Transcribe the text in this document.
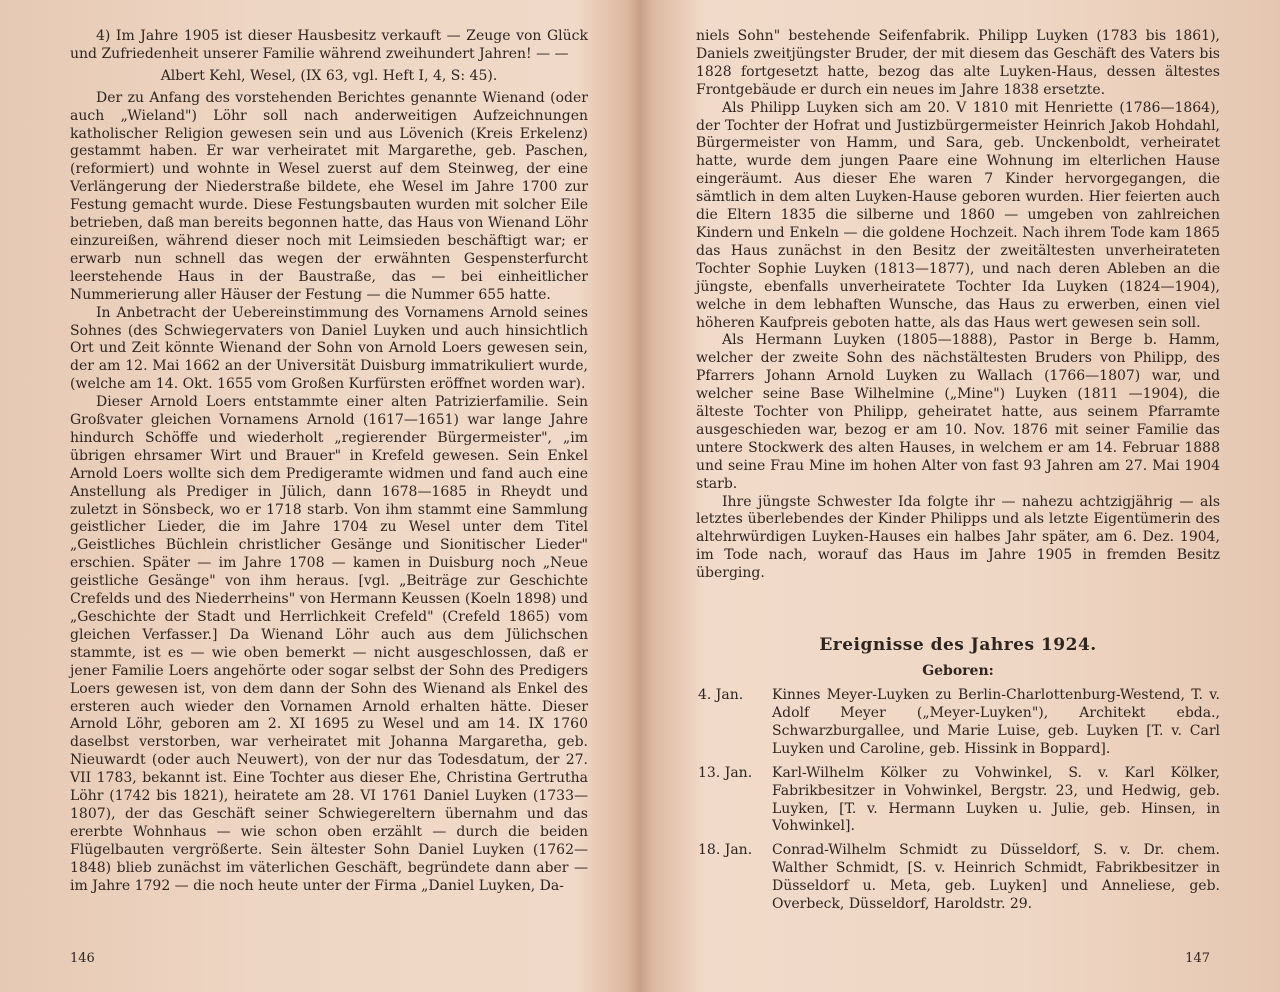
4) Im Jahre 1905 ist dieser Hausbesitz verkauft — Zeuge von Glück und Zufriedenheit unserer Familie während zweihundert Jahren! — —

Albert Kehl, Wesel, (IX 63, vgl. Heft I, 4, S: 45).

Der zu Anfang des vorstehenden Berichtes genannte Wienand (oder auch „Wieland") Löhr soll nach anderweitigen Aufzeichnungen katholischer Religion gewesen sein und aus Lövenich (Kreis Erkelenz) gestammt haben. Er war verheiratet mit Margarethe, geb. Paschen, (reformiert) und wohnte in Wesel zuerst auf dem Steinweg, der eine Verlängerung der Niederstraße bildete, ehe Wesel im Jahre 1700 zur Festung gemacht wurde. Diese Festungsbauten wurden mit solcher Eile betrieben, daß man bereits begonnen hatte, das Haus von Wienand Löhr einzureißen, während dieser noch mit Leimsieden beschäftigt war; er erwarb nun schnell das wegen der erwähnten Gespensterfurcht leerstehende Haus in der Baustraße, das — bei einheitlicher Nummerierung aller Häuser der Festung — die Nummer 655 hatte.

In Anbetracht der Uebereinstimmung des Vornamens Arnold seines Sohnes (des Schwiegervaters von Daniel Luyken und auch hinsichtlich Ort und Zeit könnte Wienand der Sohn von Arnold Loers gewesen sein, der am 12. Mai 1662 an der Universität Duisburg immatrikuliert wurde, (welche am 14. Okt. 1655 vom Großen Kurfürsten eröffnet worden war).

Dieser Arnold Loers entstammte einer alten Patrizierfamilie. Sein Großvater gleichen Vornamens Arnold (1617—1651) war lange Jahre hindurch Schöffe und wiederholt „regierender Bürgermeister", „im übrigen ehrsamer Wirt und Brauer" in Krefeld gewesen. Sein Enkel Arnold Loers wollte sich dem Predigeramte widmen und fand auch eine Anstellung als Prediger in Jülich, dann 1678—1685 in Rheydt und zuletzt in Sönsbeck, wo er 1718 starb. Von ihm stammt eine Sammlung geistlicher Lieder, die im Jahre 1704 zu Wesel unter dem Titel „Geistliches Büchlein christlicher Gesänge und Sionitischer Lieder" erschien. Später — im Jahre 1708 — kamen in Duisburg noch „Neue geistliche Gesänge" von ihm heraus. [vgl. „Beiträge zur Geschichte Crefelds und des Niederrheins" von Hermann Keussen (Koeln 1898) und „Geschichte der Stadt und Herrlichkeit Crefeld" (Crefeld 1865) vom gleichen Verfasser.] Da Wienand Löhr auch aus dem Jülichschen stammte, ist es — wie oben bemerkt — nicht ausgeschlossen, daß er jener Familie Loers angehörte oder sogar selbst der Sohn des Predigers Loers gewesen ist, von dem dann der Sohn des Wienand als Enkel des ersteren auch wieder den Vornamen Arnold erhalten hätte. Dieser Arnold Löhr, geboren am 2. XI 1695 zu Wesel und am 14. IX 1760 daselbst verstorben, war verheiratet mit Johanna Margaretha, geb. Nieuwardt (oder auch Neuwert), von der nur das Todesdatum, der 27. VII 1783, bekannt ist. Eine Tochter aus dieser Ehe, Christina Gertrutha Löhr (1742 bis 1821), heiratete am 28. VI 1761 Daniel Luyken (1733—1807), der das Geschäft seiner Schwiegereltern übernahm und das ererbte Wohnhaus — wie schon oben erzählt — durch die beiden Flügelbauten vergrößerte. Sein ältester Sohn Daniel Luyken (1762—1848) blieb zunächst im väterlichen Geschäft, begründete dann aber — im Jahre 1792 — die noch heute unter der Firma „Daniel Luyken, Da-

146

niels Sohn" bestehende Seifenfabrik. Philipp Luyken (1783 bis 1861), Daniels zweitjüngster Bruder, der mit diesem das Geschäft des Vaters bis 1828 fortgesetzt hatte, bezog das alte Luyken-Haus, dessen ältestes Frontgebäude er durch ein neues im Jahre 1838 ersetzte.

Als Philipp Luyken sich am 20. V 1810 mit Henriette (1786—1864), der Tochter der Hofrat und Justizbürgermeister Heinrich Jakob Hohdahl, Bürgermeister von Hamm, und Sara, geb. Unckenboldt, verheiratet hatte, wurde dem jungen Paare eine Wohnung im elterlichen Hause eingeräumt. Aus dieser Ehe waren 7 Kinder hervorgegangen, die sämtlich in dem alten Luyken-Hause geboren wurden. Hier feierten auch die Eltern 1835 die silberne und 1860 — umgeben von zahlreichen Kindern und Enkeln — die goldene Hochzeit. Nach ihrem Tode kam 1865 das Haus zunächst in den Besitz der zweitältesten unverheirateten Tochter Sophie Luyken (1813—1877), und nach deren Ableben an die jüngste, ebenfalls unverheiratete Tochter Ida Luyken (1824—1904), welche in dem lebhaften Wunsche, das Haus zu erwerben, einen viel höheren Kaufpreis geboten hatte, als das Haus wert gewesen sein soll.

Als Hermann Luyken (1805—1888), Pastor in Berge b. Hamm, welcher der zweite Sohn des nächstältesten Bruders von Philipp, des Pfarrers Johann Arnold Luyken zu Wallach (1766—1807) war, und welcher seine Base Wilhelmine („Mine") Luyken (1811 —1904), die älteste Tochter von Philipp, geheiratet hatte, aus seinem Pfarramte ausgeschieden war, bezog er am 10. Nov. 1876 mit seiner Familie das untere Stockwerk des alten Hauses, in welchem er am 14. Februar 1888 und seine Frau Mine im hohen Alter von fast 93 Jahren am 27. Mai 1904 starb.

Ihre jüngste Schwester Ida folgte ihr — nahezu achtzigjährig — als letztes überlebendes der Kinder Philipps und als letzte Eigentümerin des altehrwürdigen Luyken-Hauses ein halbes Jahr später, am 6. Dez. 1904, im Tode nach, worauf das Haus im Jahre 1905 in fremden Besitz überging.

Ereignisse des Jahres 1924.
Geboren:
4. Jan.	Kinnes Meyer-Luyken zu Berlin-Charlottenburg-Westend, T. v. Adolf Meyer („Meyer-Luyken"), Architekt ebda., Schwarzburgallee, und Marie Luise, geb. Luyken [T. v. Carl Luyken und Caroline, geb. Hissink in Boppard].
13. Jan.	Karl-Wilhelm Kölker zu Vohwinkel, S. v. Karl Kölker, Fabrikbesitzer in Vohwinkel, Bergstr. 23, und Hedwig, geb. Luyken, [T. v. Hermann Luyken u. Julie, geb. Hinsen, in Vohwinkel].
18. Jan.	Conrad-Wilhelm Schmidt zu Düsseldorf, S. v. Dr. chem. Walther Schmidt, [S. v. Heinrich Schmidt, Fabrikbesitzer in Düsseldorf u. Meta, geb. Luyken] und Anneliese, geb. Overbeck, Düsseldorf, Haroldstr. 29.
147
